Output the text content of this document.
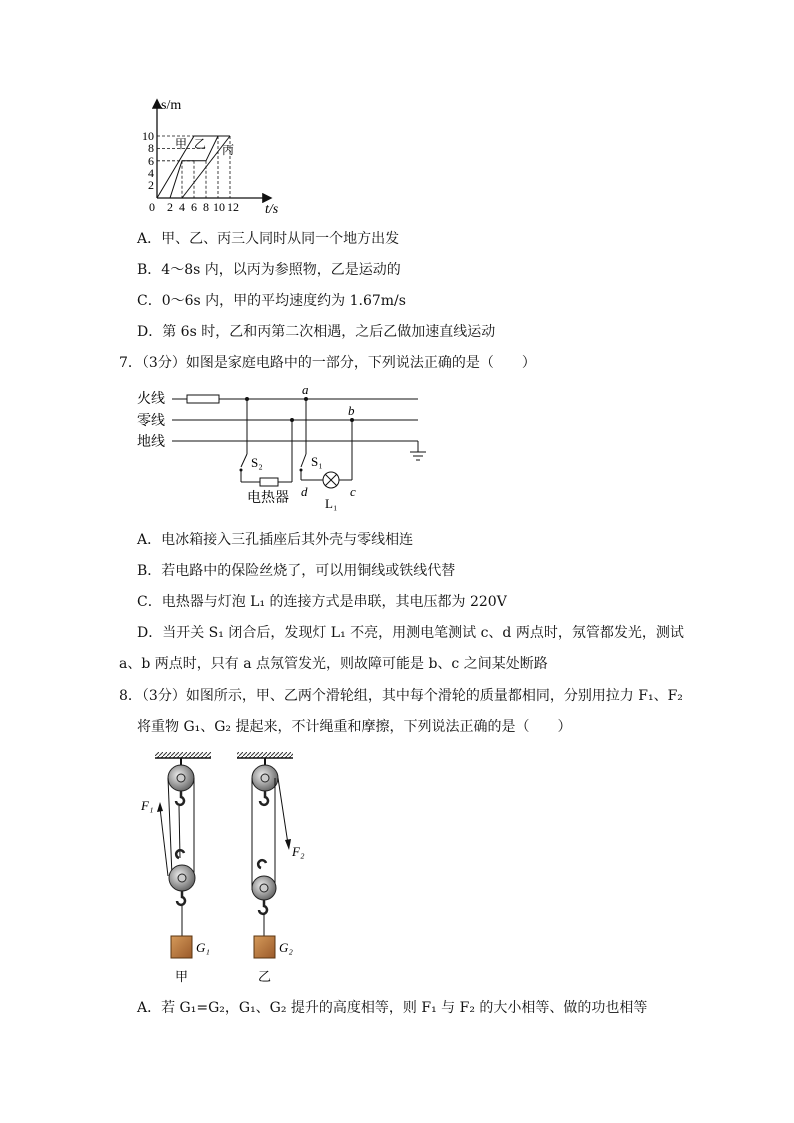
s/m
t/s
甲 乙 丙
10
8
6
4
2
0 2 4 6 8 10 12
A．甲、乙、丙三人同时从同一个地方出发
B．4～8s 内，以丙为参照物，乙是运动的
C．0～6s 内，甲的平均速度约为 1.67m/s
D．第 6s 时，乙和丙第二次相遇，之后乙做加速直线运动
7．（3分）如图是家庭电路中的一部分，下列说法正确的是（　　）
火线
零线
地线
a
b
d	c
S₂	S₁
L₁
电热器
A．电冰箱接入三孔插座后其外壳与零线相连
B．若电路中的保险丝烧了，可以用铜线或铁线代替
C．电热器与灯泡 L₁ 的连接方式是串联，其电压都为 220V
D．当开关 S₁ 闭合后，发现灯 L₁ 不亮，用测电笔测试 c、d 两点时，氖管都发光，测试
a、b 两点时，只有 a 点氖管发光，则故障可能是 b、c 之间某处断路
8．（3分）如图所示，甲、乙两个滑轮组，其中每个滑轮的质量都相同，分别用拉力 F₁、F₂
将重物 G₁、G₂ 提起来，不计绳重和摩擦，下列说法正确的是（　　）
F₁
G₁
甲
F₂
G₂
乙
A．若 G₁=G₂，G₁、G₂ 提升的高度相等，则 F₁ 与 F₂ 的大小相等、做的功也相等
